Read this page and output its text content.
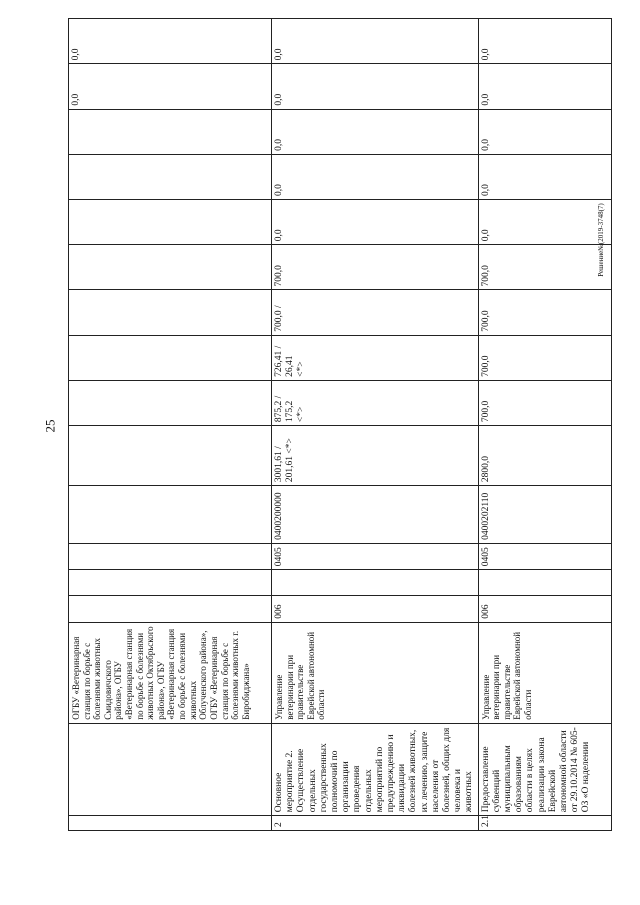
25
Решение№(2019-3748(7)
		ОГБУ «Ветеринарная станция по борьбе с болезнями животных Смидовичского района», ОГБУ «Ветеринарная станция по борьбе с болезнями животных Октябрьского района», ОГБУ «Ветеринарная станция по борьбе с болезнями животных Облученского района», ОГБУ «Ветеринарная станция по борьбе с болезнями животных г. Биробиджана»													0,0	0,0
2	Основное мероприятие 2. Осуществление отдельных государственных полномочий по организации проведения отдельных мероприятий по предупреждению и ликвидации болезней животных, их лечению, защите населения от болезней, общих для человека и животных	Управление ветеринарии при правительстве Еврейской автономной области	006		0405	0400200000	3001,61 / 201,61 <*>	875,2 / 175,2 <*>	726,41 / 26,41 <*>	700,0 /	700,0	0,0	0,0	0,0	0,0	0,0
2.1	Предоставление субвенций муниципальным образованиям области в целях реализации закона Еврейской автономной области от 29.10.2014 № 605-ОЗ «О наделении	Управление ветеринарии при правительстве Еврейской автономной области	006		0405	0400202110	2800,0	700,0	700,0	700,0	700,0	0,0	0,0	0,0	0,0	0,0
